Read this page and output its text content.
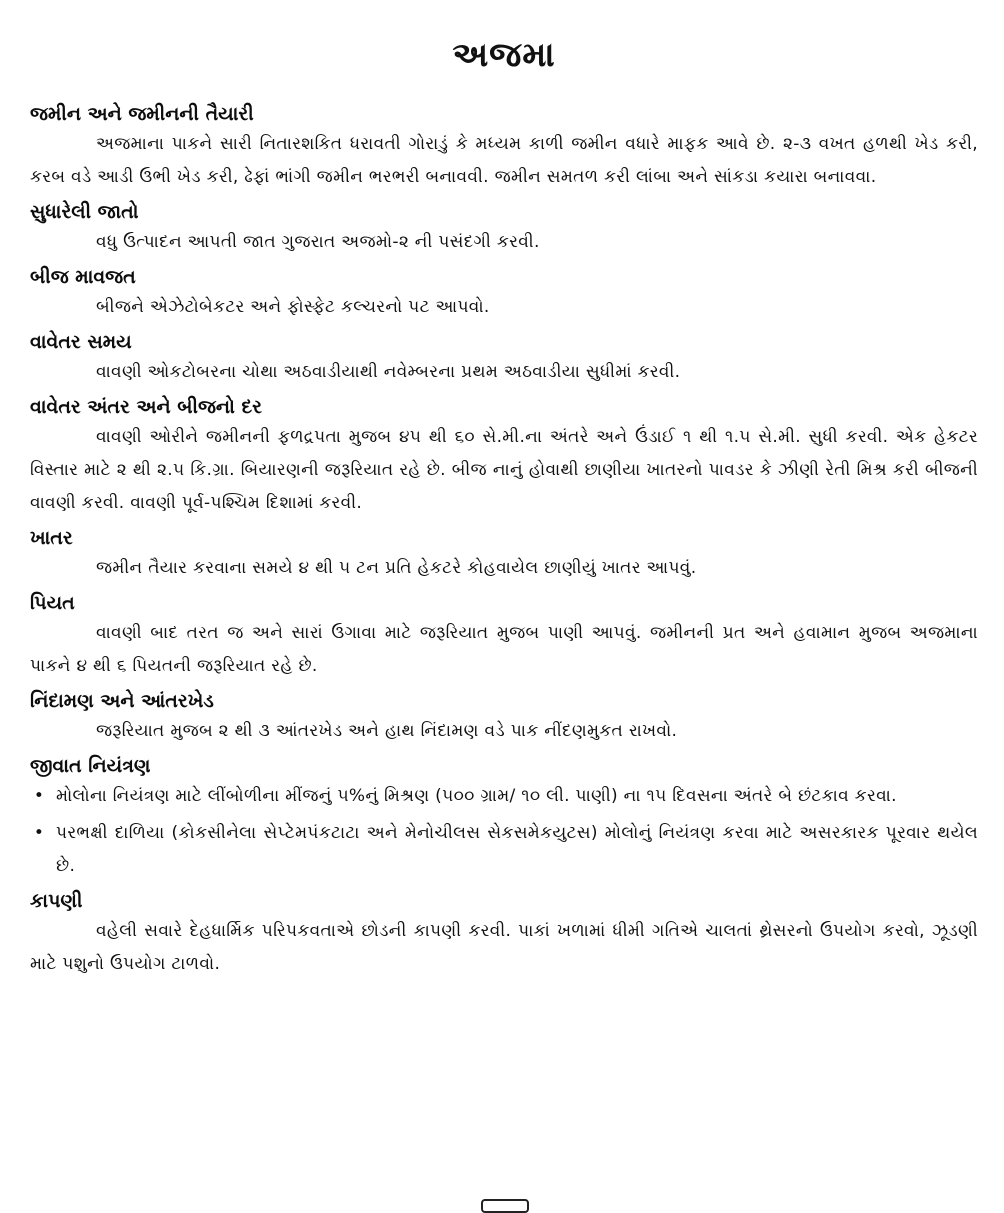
અજમા
જમીન અને જમીનની તૈયારી

અજમાના પાકને સારી નિતારશકિત ધરાવતી ગોરાડું કે મધ્યમ કાળી જમીન વધારે માફક આવે છે. ૨-૩ વખત હળથી ખેડ કરી, કરબ વડે આડી ઉભી ખેડ કરી, ઢેફાં ભાંગી જમીન ભરભરી બનાવવી. જમીન સમતળ કરી લાંબા અને સાંકડા કયારા બનાવવા.

સુધારેલી જાતો

વધુ ઉત્પાદન આપતી જાત ગુજરાત અજમો-૨ ની પસંદગી કરવી.

બીજ માવજત

બીજને એઝેટોબેકટર અને ફોસ્ફેટ કલ્ચરનો પટ આપવો.

વાવેતર સમય

વાવણી ઓકટોબરના ચોથા અઠવાડીયાથી નવેમ્બરના પ્રથમ અઠવાડીયા સુધીમાં કરવી.

વાવેતર અંતર અને બીજનો દર

વાવણી ઓરીને જમીનની ફળદ્રપતા મુજબ ૪૫ થી ૬૦ સે.મી.ના અંતરે અને ઉંડાઈ ૧ થી ૧.૫ સે.મી. સુધી કરવી. એક હેકટર વિસ્તાર માટે ૨ થી ૨.૫ કિ.ગ્રા. બિયારણની જરૂરિયાત રહે છે. બીજ નાનું હોવાથી છાણીયા ખાતરનો પાવડર કે ઝીણી રેતી મિશ્ર કરી બીજની વાવણી કરવી. વાવણી પૂર્વ-પશ્ચિમ દિશામાં કરવી.

ખાતર

જમીન તૈયાર કરવાના સમયે ૪ થી ૫ ટન પ્રતિ હેકટરે કોહવાયેલ છાણીયું ખાતર આપવું.

પિયત

વાવણી બાદ તરત જ અને સારાં ઉગાવા માટે જરૂરિયાત મુજબ પાણી આપવું. જમીનની પ્રત અને હવામાન મુજબ અજમાના પાકને ૪ થી ૬ પિયતની જરૂરિયાત રહે છે.

નિંદામણ અને આંતરખેડ

જરૂરિયાત મુજબ ૨ થી ૩ આંતરખેડ અને હાથ નિંદામણ વડે પાક નીંદણમુકત રાખવો.

જીવાત નિયંત્રણ
• મોલોના નિયંત્રણ માટે લીંબોળીના મીંજનું ૫%નું મિશ્રણ (૫૦૦ ગ્રામ/ ૧૦ લી. પાણી) ના ૧૫ દિવસના અંતરે બે છંટકાવ કરવા.
• પરભક્ષી દાળિયા (કોકસીનેલા સેપ્ટેમપંકટાટા અને મેનોચીલસ સેકસમેકયુટસ) મોલોનું નિયંત્રણ કરવા માટે અસરકારક પૂરવાર થયેલ છે.
કાપણી

વહેલી સવારે દેહધાર્મિક પરિપકવતાએ છોડની કાપણી કરવી. પાકાં ખળામાં ધીમી ગતિએ ચાલતાં થ્રેસરનો ઉપયોગ કરવો, ઝૂડણી માટે પશુનો ઉપયોગ ટાળવો.
